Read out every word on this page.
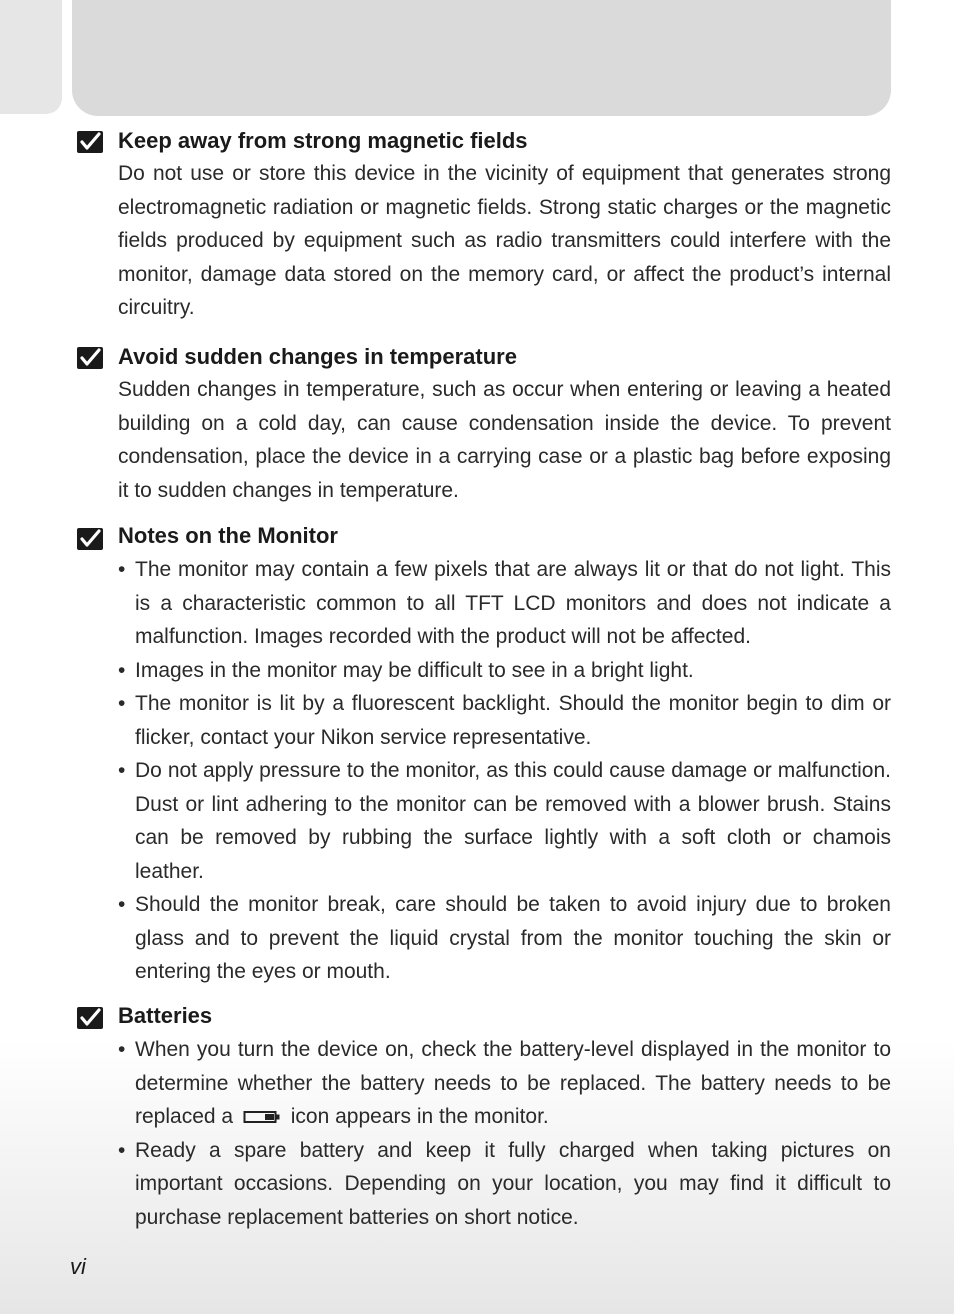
Keep away from strong magnetic fields
Do not use or store this device in the vicinity of equipment that generates strong electromagnetic radiation or magnetic fields. Strong static charges or the magnetic fields produced by equipment such as radio transmitters could interfere with the monitor, damage data stored on the memory card, or affect the product’s internal circuitry.
Avoid sudden changes in temperature
Sudden changes in temperature, such as occur when entering or leaving a heated building on a cold day, can cause condensation inside the device. To prevent condensation, place the device in a carrying case or a plastic bag before exposing it to sudden changes in temperature.
Notes on the Monitor
• The monitor may contain a few pixels that are always lit or that do not light. This is a characteristic common to all TFT LCD monitors and does not indicate a malfunction. Images recorded with the product will not be affected.
• Images in the monitor may be difficult to see in a bright light.
• The monitor is lit by a fluorescent backlight. Should the monitor begin to dim or flicker, contact your Nikon service representative.
• Do not apply pressure to the monitor, as this could cause damage or malfunction. Dust or lint adhering to the monitor can be removed with a blower brush. Stains can be removed by rubbing the surface lightly with a soft cloth or chamois leather.
• Should the monitor break, care should be taken to avoid injury due to broken glass and to prevent the liquid crystal from the monitor touching the skin or entering the eyes or mouth.
Batteries
• When you turn the device on, check the battery-level displayed in the monitor to determine whether the battery needs to be replaced. The battery needs to be replaced a	icon appears in the monitor.
• Ready a spare battery and keep it fully charged when taking pictures on important occasions. Depending on your location, you may find it difficult to purchase replacement batteries on short notice.
vi
